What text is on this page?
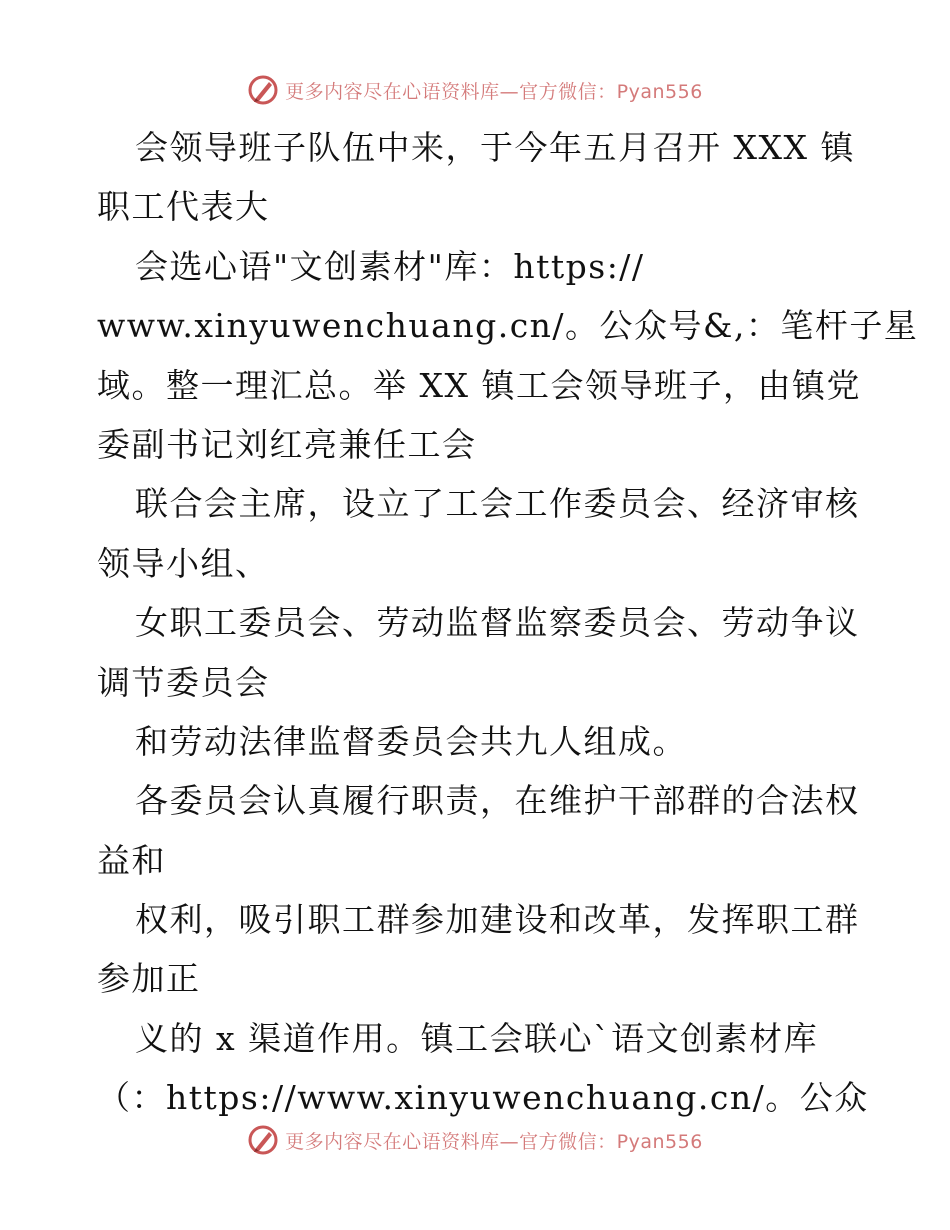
更多内容尽在心语资料库—官方微信：Pyan556
会领导班子队伍中来，于今年五月召开 XXX 镇
职工代表大
会选心语"文创素材"库：https://
www.xinyuwenchuang.cn/。公众号&,：笔杆子星
域。整一理汇总。举 XX 镇工会领导班子，由镇党
委副书记刘红亮兼任工会
联合会主席，设立了工会工作委员会、经济审核
领导小组、
女职工委员会、劳动监督监察委员会、劳动争议
调节委员会
和劳动法律监督委员会共九人组成。
各委员会认真履行职责，在维护干部群的合法权
益和
权利，吸引职工群参加建设和改革，发挥职工群
参加正
义的 x 渠道作用。镇工会联心`语文创素材库
（：https://www.xinyuwenchuang.cn/。公众
更多内容尽在心语资料库—官方微信：Pyan556
